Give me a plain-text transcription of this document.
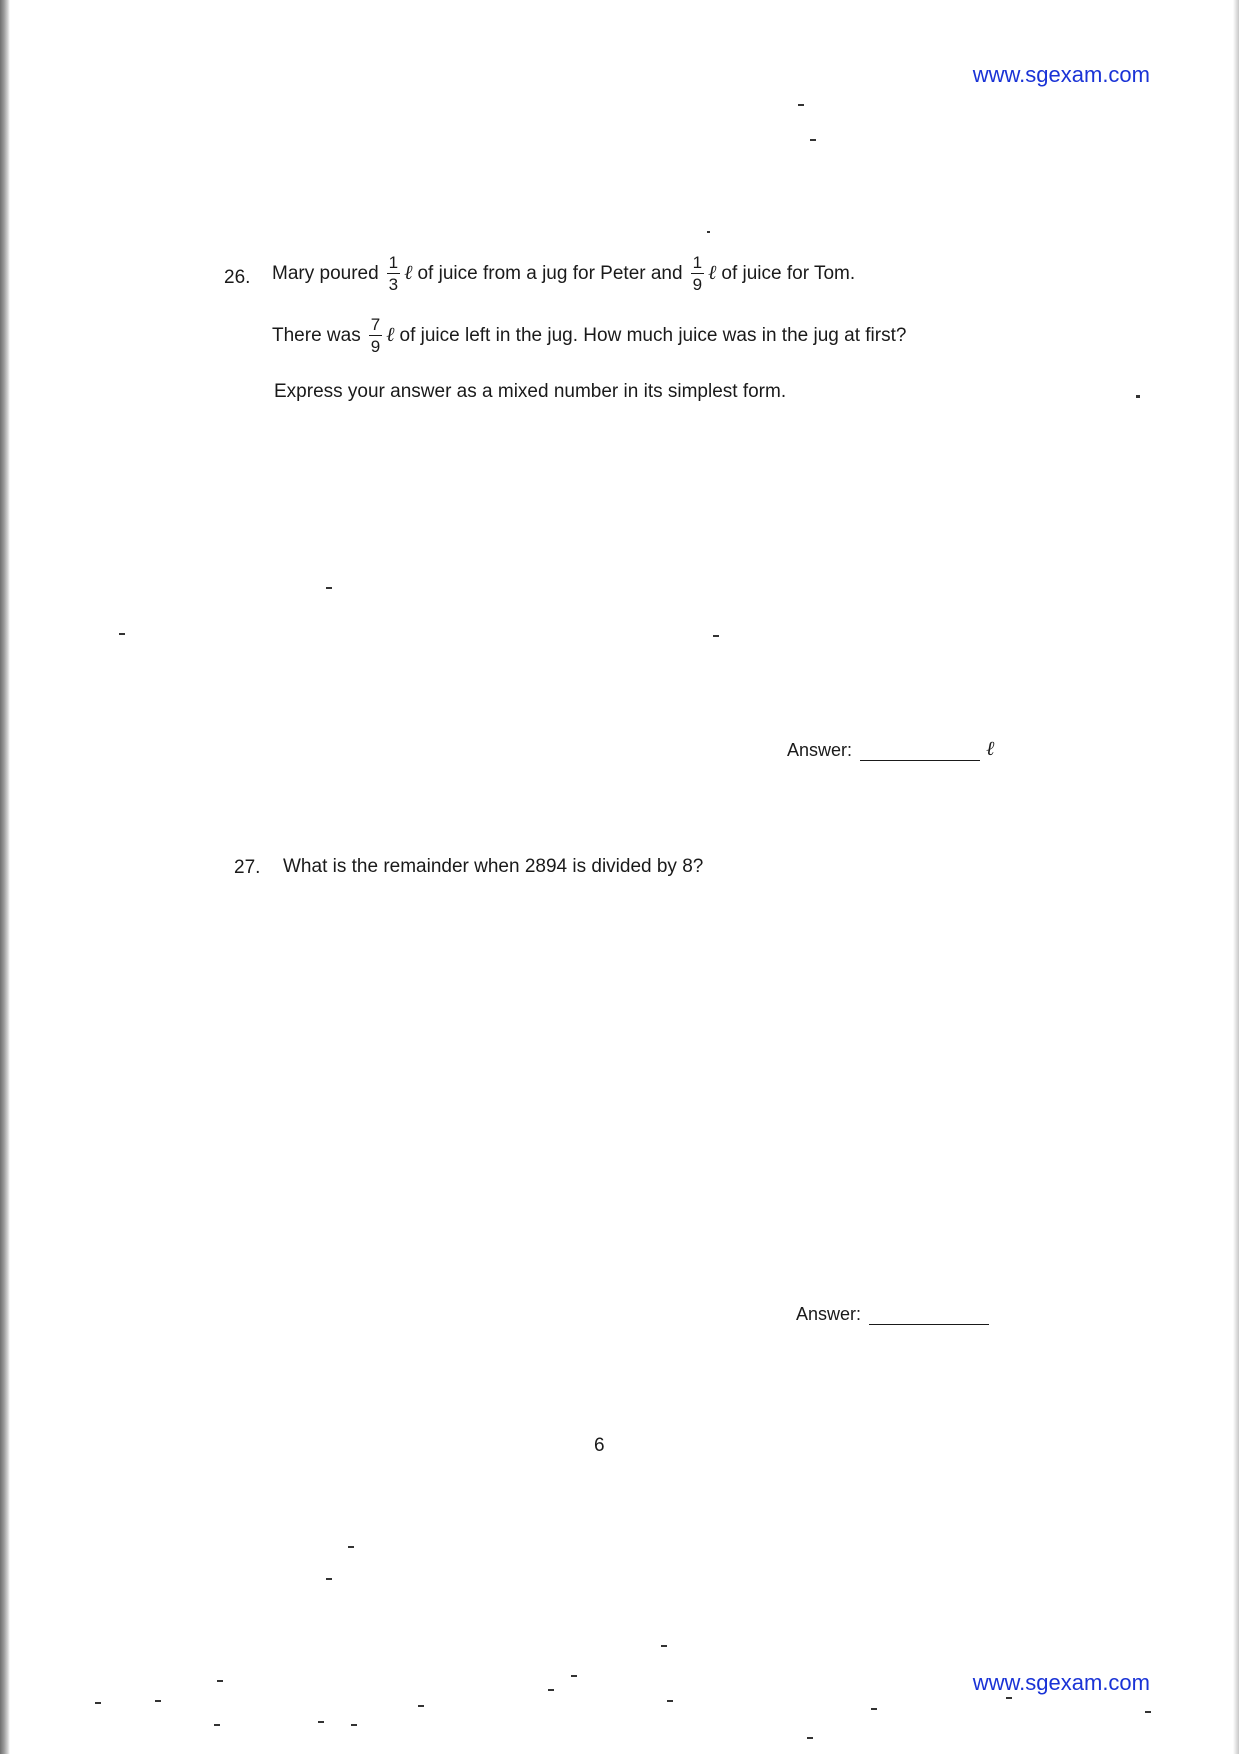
www.sgexam.com
26. Mary poured $\frac{1}{3}$ ℓ of juice from a jug for Peter and $\frac{1}{9}$ ℓ of juice for Tom.
There was $\frac{7}{9}$ ℓ of juice left in the jug. How much juice was in the jug at first?
Express your answer as a mixed number in its simplest form.
Answer:	ℓ
27. What is the remainder when 2894 is divided by 8?
Answer:
6
www.sgexam.com
